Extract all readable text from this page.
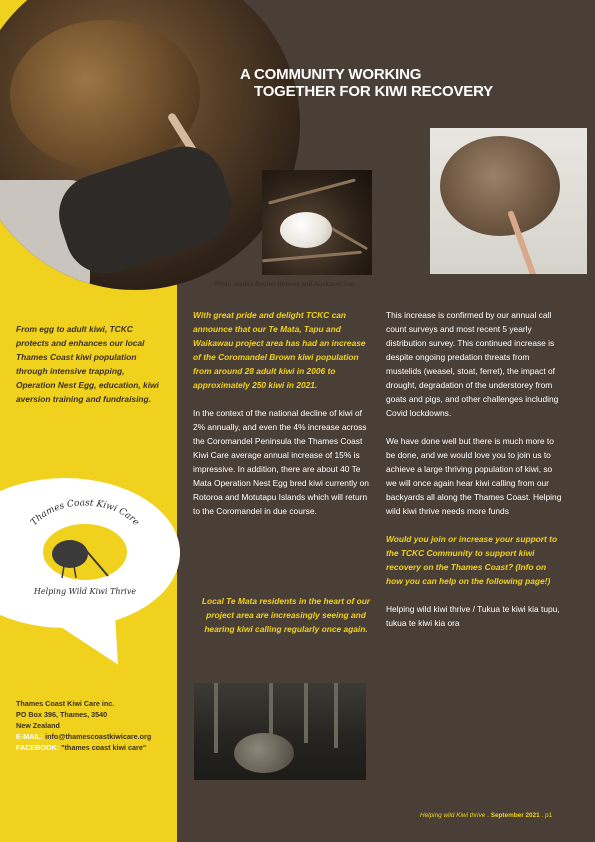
A COMMUNITY WORKING
TOGETHER FOR KIWI RECOVERY
Photo credits Rachel Holmes and Auckland Zoo.

From egg to adult kiwi, TCKC protects and enhances our local Thames Coast kiwi population through intensive trapping, Operation Nest Egg, education, kiwi aversion training and fundraising.

With great pride and delight TCKC can announce that our Te Mata, Tapu and Waikawau project area has had an increase of the Coromandel Brown kiwi population from around 28 adult kiwi in 2006 to approximately 250 kiwi in 2021.

In the context of the national decline of kiwi of 2% annually, and even the 4% increase across the Coromandel Peninsula the Thames Coast Kiwi Care average annual increase of 15% is impressive. In addition, there are about 40 Te Mata Operation Nest Egg bred kiwi currently on Rotoroa and Motutapu Islands which will return to the Coromandel in due course.

Local Te Mata residents in the heart of our project area are increasingly seeing and hearing kiwi calling regularly once again.

This increase is confirmed by our annual call count surveys and most recent 5 yearly distribution survey. This continued increase is despite ongoing predation threats from mustelids (weasel, stoat, ferret), the impact of drought, degradation of the understorey from goats and pigs, and other challenges including Covid lockdowns.

We have done well but there is much more to be done, and we would love you to join us to achieve a large thriving population of kiwi, so we will once again hear kiwi calling from our backyards all along the Thames Coast. Helping wild kiwi thrive needs more funds

Would you join or increase your support to the TCKC Community to support kiwi recovery on the Thames Coast? (Info on how you can help on the following page!)

Helping wild kiwi thrive / Tukua te kiwi kia tupu, tukua te kiwi kia ora

Thames Coast Kiwi Care
Helping Wild Kiwi Thrive
Thames Coast Kiwi Care inc.
PO Box 396, Thames, 3540
New Zealand
E-MAIL: info@thamescoastkiwicare.org
FACEBOOK: "thames coast kiwi care"
Helping wild Kiwi thrive . September 2021 . p1
